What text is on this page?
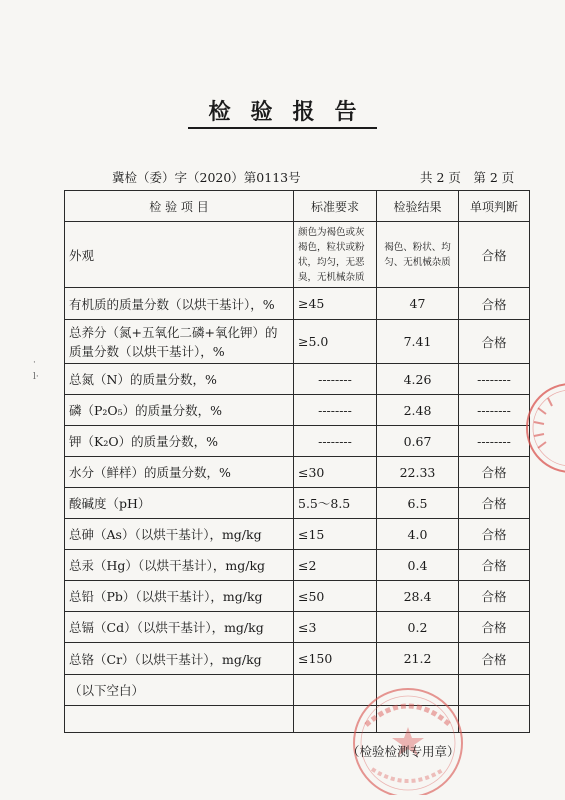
检验报告
冀检（委）字（2020）第0113号	共 2 页　第 2 页
·
l·
检 验 项 目	标准要求	检验结果	单项判断
外观	颜色为褐色或灰褐色，粒状或粉状，均匀，无恶臭，无机械杂质	褐色、粉状、均匀、无机械杂质	合格
有机质的质量分数（以烘干基计），%	≥45	47	合格
总养分（氮+五氧化二磷+氧化钾）的质量分数（以烘干基计），%	≥5.0	7.41	合格
总氮（N）的质量分数，%	--------	4.26	--------
磷（P₂O₅）的质量分数，%	--------	2.48	--------
钾（K₂O）的质量分数，%	--------	0.67	--------
水分（鲜样）的质量分数，%	≤30	22.33	合格
酸碱度（pH）	5.5～8.5	6.5	合格
总砷（As）（以烘干基计），mg/kg	≤15	4.0	合格
总汞（Hg）（以烘干基计），mg/kg	≤2	0.4	合格
总铅（Pb）（以烘干基计），mg/kg	≤50	28.4	合格
总镉（Cd）（以烘干基计），mg/kg	≤3	0.2	合格
总铬（Cr）（以烘干基计），mg/kg	≤150	21.2	合格
（以下空白）			

（检验检测专用章）
